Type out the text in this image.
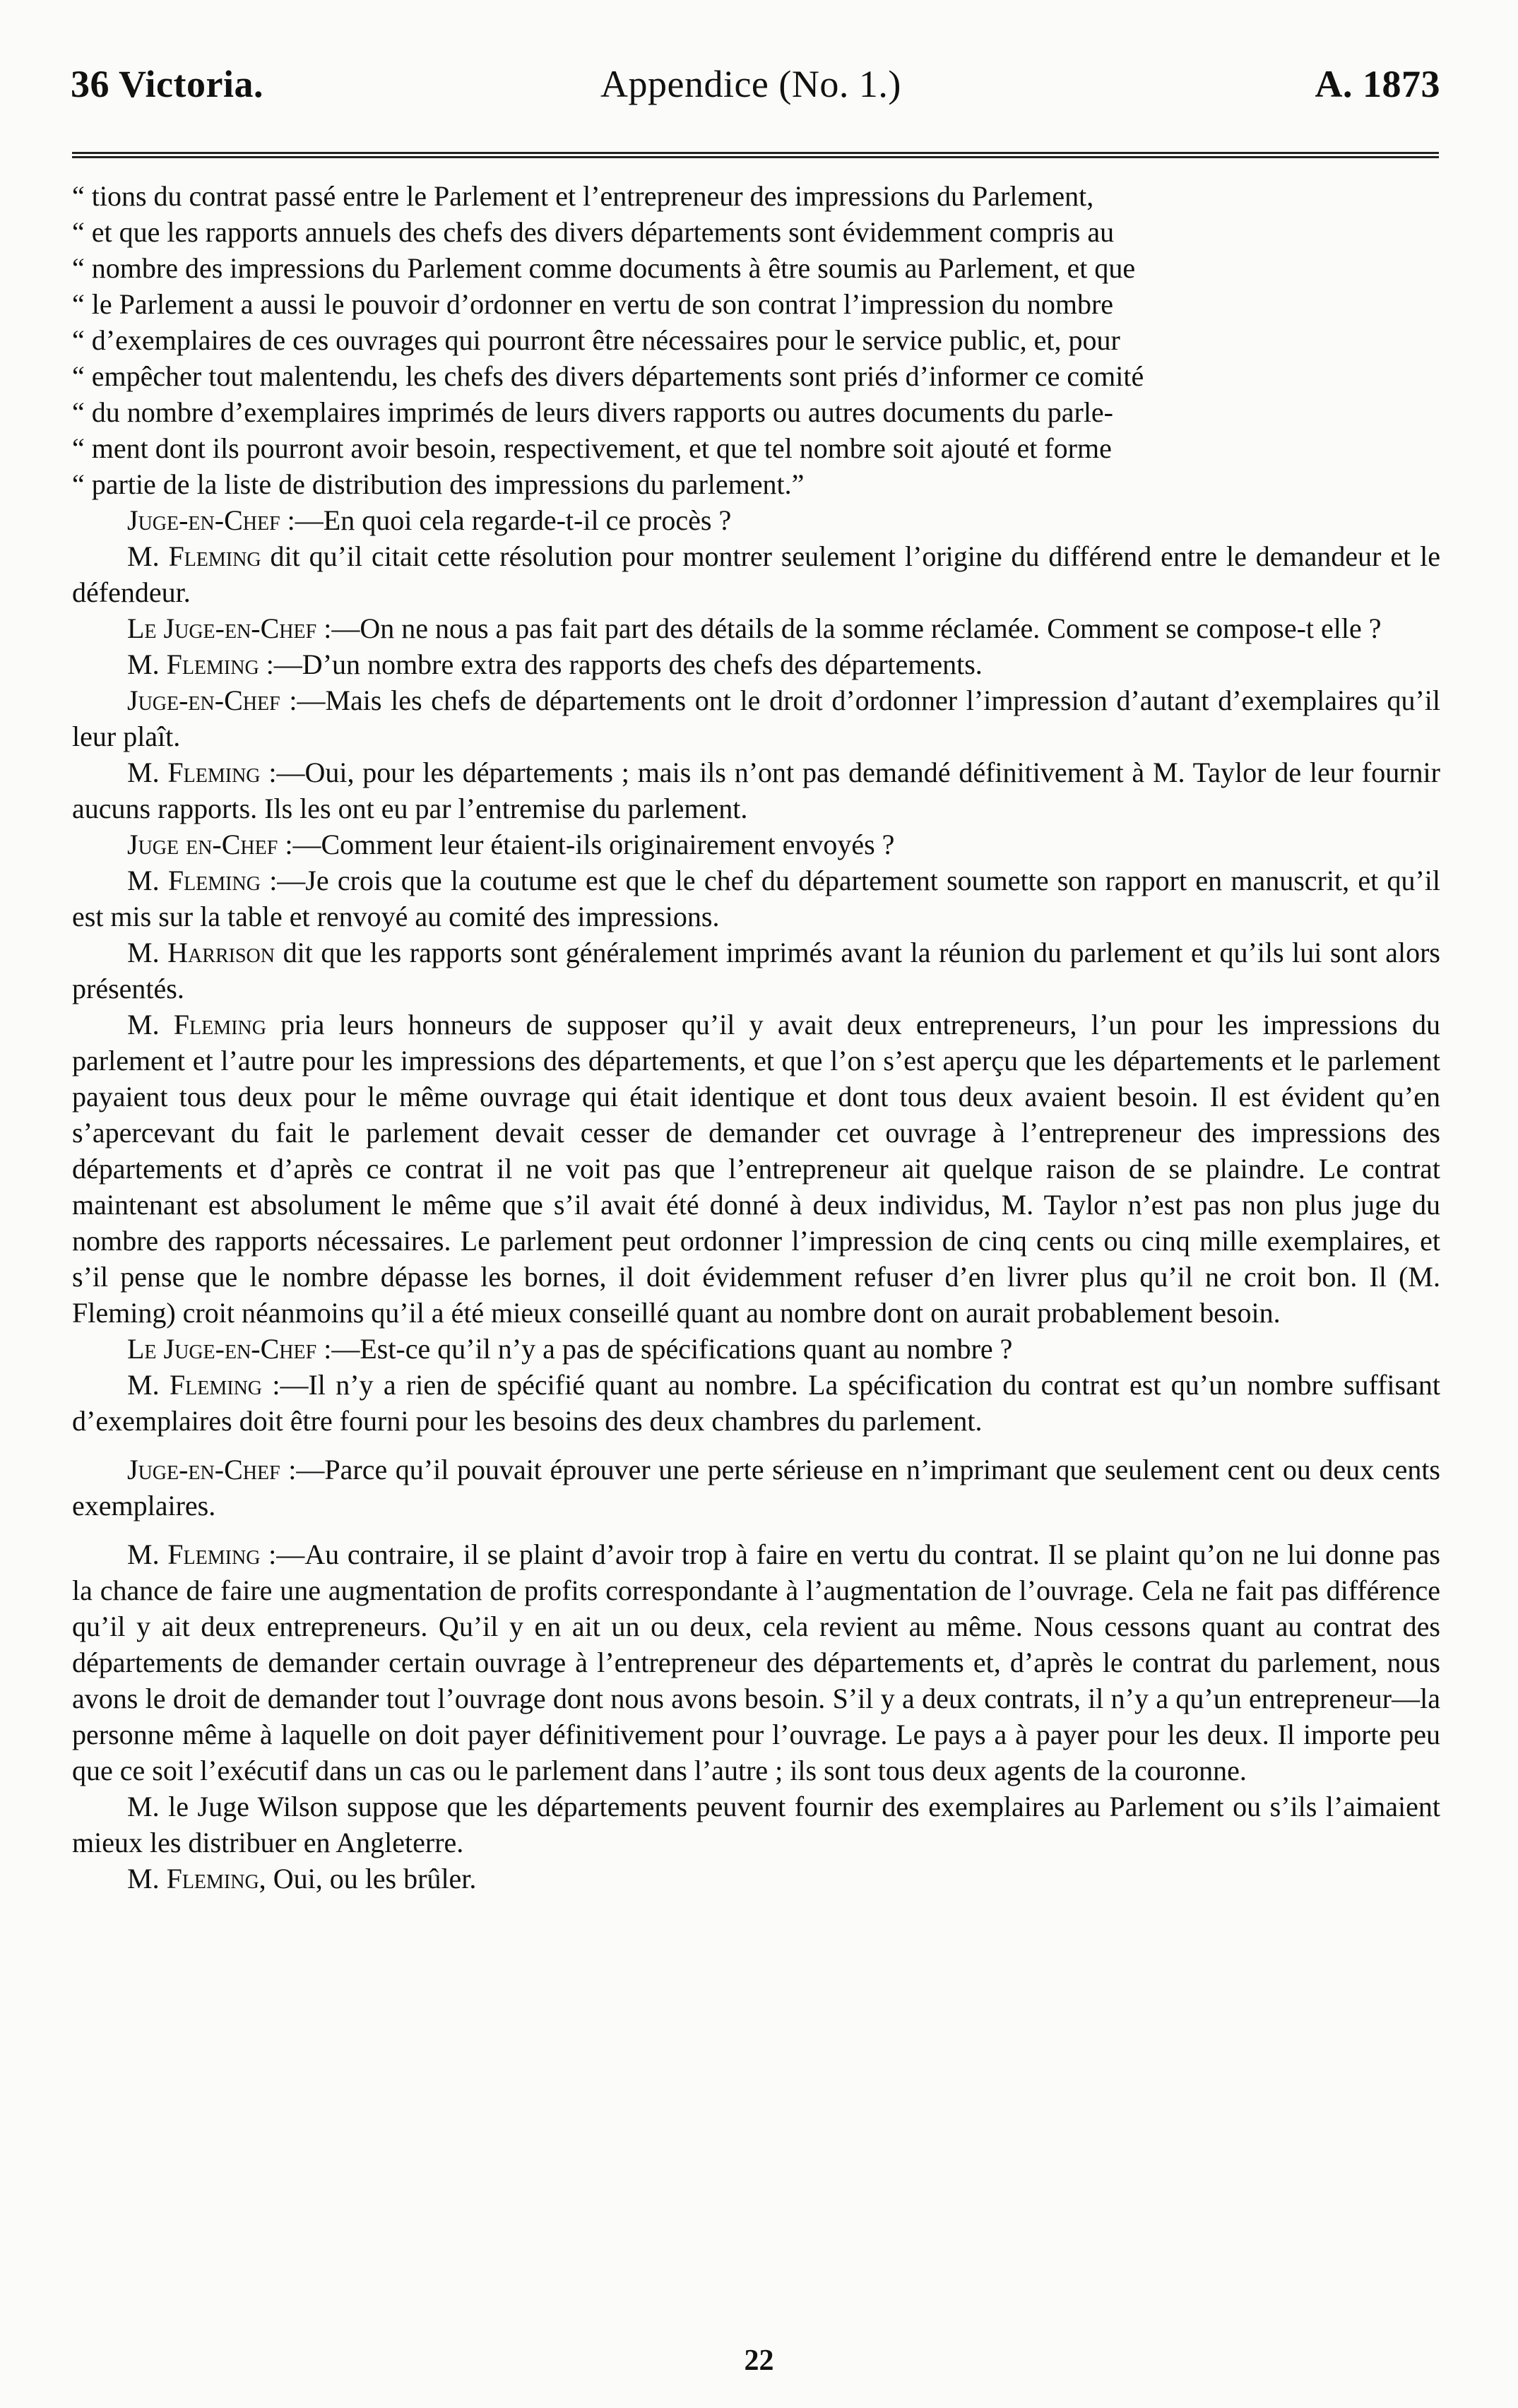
36 Victoria.	Appendice (No. 1.)	A. 1873

“ tions du contrat passé entre le Parlement et l’entrepreneur des impressions du Parlement,

“ et que les rapports annuels des chefs des divers départements sont évidemment compris au

“ nombre des impressions du Parlement comme documents à être soumis au Parlement, et que

“ le Parlement a aussi le pouvoir d’ordonner en vertu de son contrat l’impression du nombre

“ d’exemplaires de ces ouvrages qui pourront être nécessaires pour le service public, et, pour

“ empêcher tout malentendu, les chefs des divers départements sont priés d’informer ce comité

“ du nombre d’exemplaires imprimés de leurs divers rapports ou autres documents du parle-

“ ment dont ils pourront avoir besoin, respectivement, et que tel nombre soit ajouté et forme

“ partie de la liste de distribution des impressions du parlement.”

Juge-en-Chef :—En quoi cela regarde-t-il ce procès ?

M. Fleming dit qu’il citait cette résolution pour montrer seulement l’origine du différend entre le demandeur et le défendeur.

Le Juge-en-Chef :—On ne nous a pas fait part des détails de la somme réclamée. Comment se compose-t elle ?

M. Fleming :—D’un nombre extra des rapports des chefs des départements.

Juge-en-Chef :—Mais les chefs de départements ont le droit d’ordonner l’impression d’autant d’exemplaires qu’il leur plaît.

M. Fleming :—Oui, pour les départements ; mais ils n’ont pas demandé définitivement à M. Taylor de leur fournir aucuns rapports. Ils les ont eu par l’entremise du parlement.

Juge en-Chef :—Comment leur étaient-ils originairement envoyés ?

M. Fleming :—Je crois que la coutume est que le chef du département soumette son rapport en manuscrit, et qu’il est mis sur la table et renvoyé au comité des impressions.

M. Harrison dit que les rapports sont généralement imprimés avant la réunion du parlement et qu’ils lui sont alors présentés.

M. Fleming pria leurs honneurs de supposer qu’il y avait deux entrepreneurs, l’un pour les impressions du parlement et l’autre pour les impressions des départements, et que l’on s’est aperçu que les départements et le parlement payaient tous deux pour le même ouvrage qui était identique et dont tous deux avaient besoin. Il est évident qu’en s’apercevant du fait le parlement devait cesser de demander cet ouvrage à l’entrepreneur des impressions des départements et d’après ce contrat il ne voit pas que l’entrepreneur ait quelque raison de se plaindre. Le contrat maintenant est absolument le même que s’il avait été donné à deux individus, M. Taylor n’est pas non plus juge du nombre des rapports nécessaires. Le parlement peut ordonner l’impression de cinq cents ou cinq mille exemplaires, et s’il pense que le nombre dépasse les bornes, il doit évidemment refuser d’en livrer plus qu’il ne croit bon. Il (M. Fleming) croit néanmoins qu’il a été mieux conseillé quant au nombre dont on aurait probablement besoin.

Le Juge-en-Chef :—Est-ce qu’il n’y a pas de spécifications quant au nombre ?

M. Fleming :—Il n’y a rien de spécifié quant au nombre. La spécification du contrat est qu’un nombre suffisant d’exemplaires doit être fourni pour les besoins des deux chambres du parlement.

Juge-en-Chef :—Parce qu’il pouvait éprouver une perte sérieuse en n’imprimant que seulement cent ou deux cents exemplaires.

M. Fleming :—Au contraire, il se plaint d’avoir trop à faire en vertu du contrat. Il se plaint qu’on ne lui donne pas la chance de faire une augmentation de profits correspondante à l’augmentation de l’ouvrage. Cela ne fait pas différence qu’il y ait deux entrepreneurs. Qu’il y en ait un ou deux, cela revient au même. Nous cessons quant au contrat des départements de demander certain ouvrage à l’entrepreneur des départements et, d’après le contrat du parlement, nous avons le droit de demander tout l’ouvrage dont nous avons besoin. S’il y a deux contrats, il n’y a qu’un entrepreneur—la personne même à laquelle on doit payer définitivement pour l’ouvrage. Le pays a à payer pour les deux. Il importe peu que ce soit l’exécutif dans un cas ou le parlement dans l’autre ; ils sont tous deux agents de la couronne.

M. le Juge Wilson suppose que les départements peuvent fournir des exemplaires au Parlement ou s’ils l’aimaient mieux les distribuer en Angleterre.

M. Fleming, Oui, ou les brûler.

22
